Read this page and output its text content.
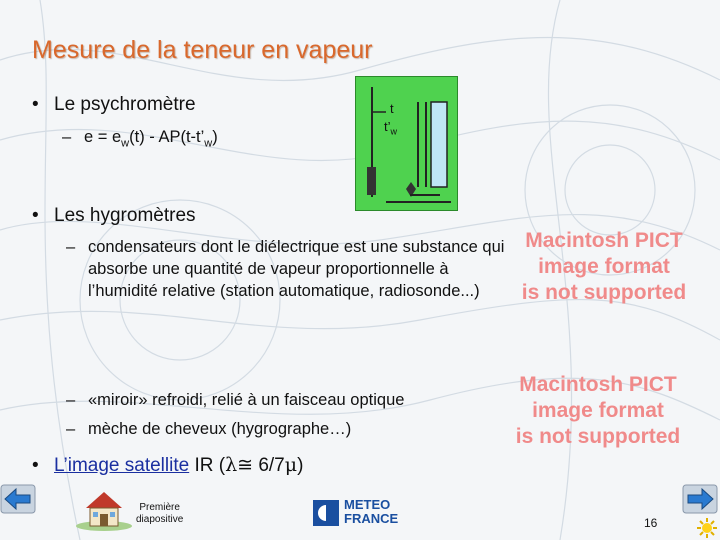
Mesure de la teneur en vapeur
• Le psychromètre
– $e = e_w(t)$ - $AP(t-t’_w)$
t
$t’_w$
• Les hygromètres
– condensateurs dont le diélectrique est une substance qui absorbe une quantité de vapeur proportionnelle à l’humidité relative (station automatique, radiosonde...)
– «miroir» refroidi, relié à un faisceau optique
– mèche de cheveux (hygrographe…)
• L’image satellite IR (λ≅ 6/7μ)
Macintosh PICT
image format
is not supported
Macintosh PICT
image format
is not supported
Première
diapositive
METEO
FRANCE	16
